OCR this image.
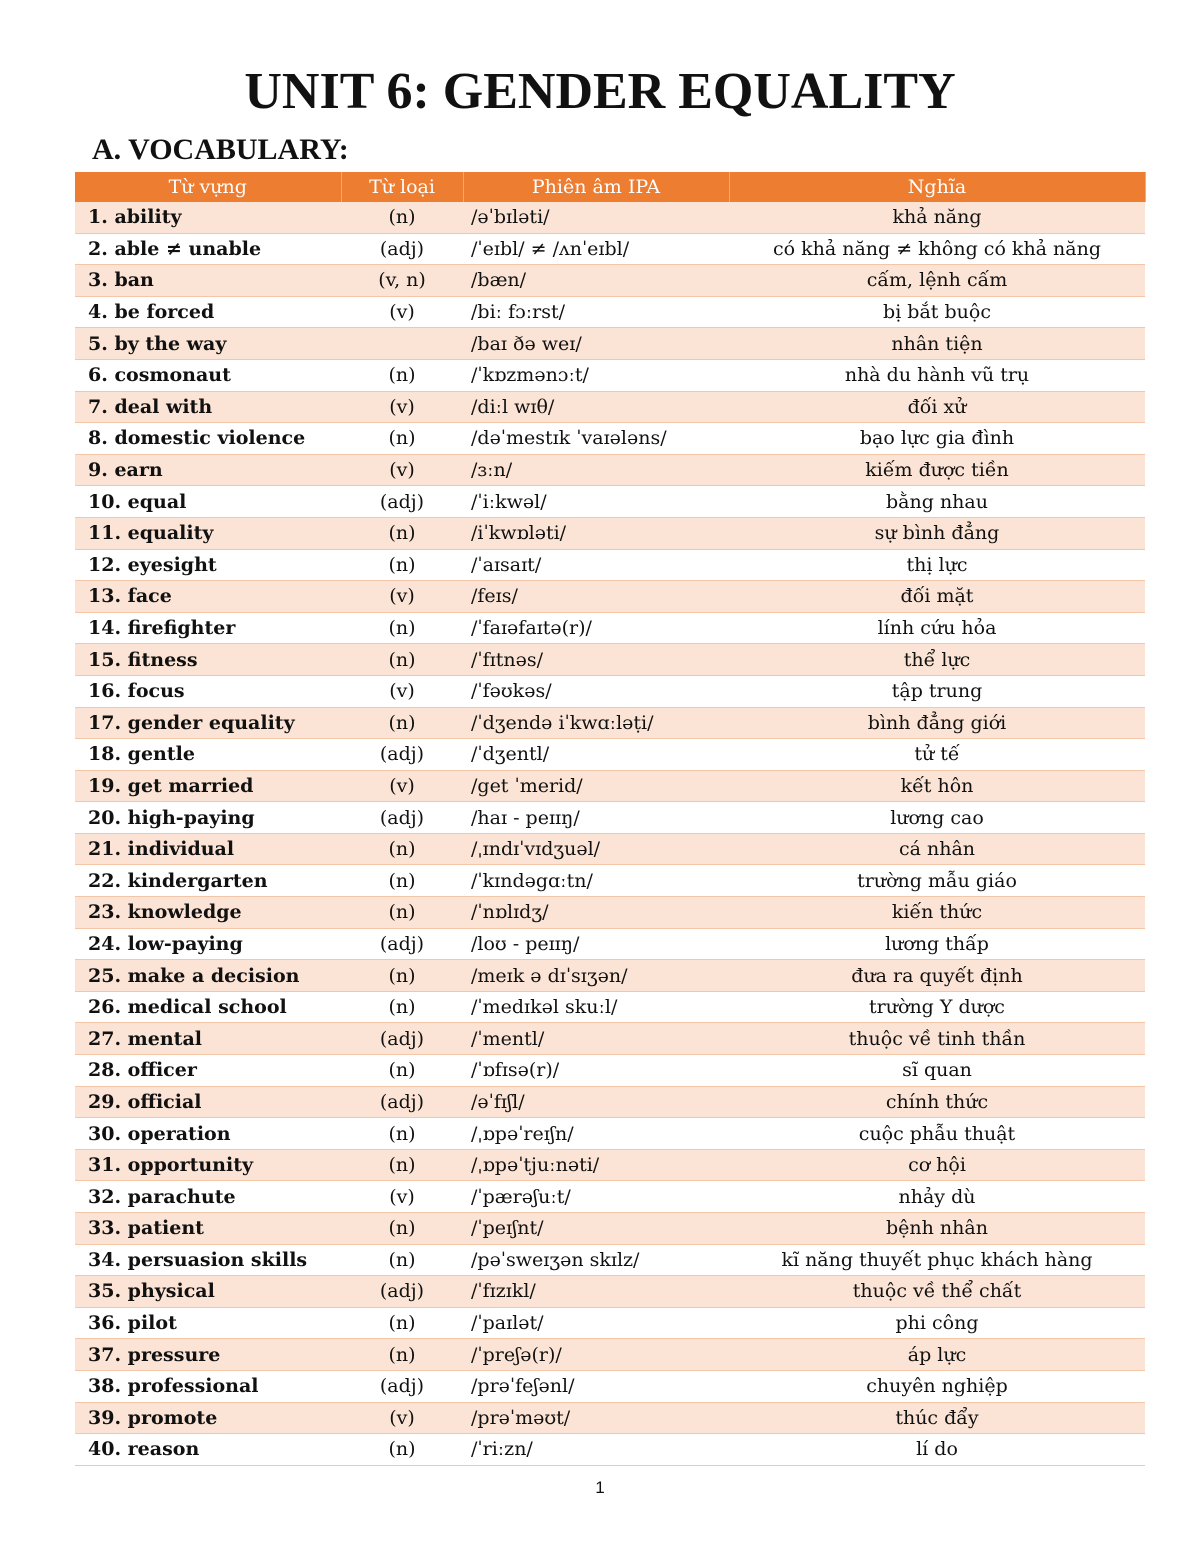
UNIT 6: GENDER EQUALITY
A. VOCABULARY:
Từ vựng	Từ loại	Phiên âm IPA	Nghĩa
1. ability	(n)	/əˈbɪləti/	khả năng
2. able ≠ unable	(adj)	/ˈeɪbl/ ≠ /ʌnˈeɪbl/	có khả năng ≠ không có khả năng
3. ban	(v, n)	/bæn/	cấm, lệnh cấm
4. be forced	(v)	/biː fɔːrst/	bị bắt buộc
5. by the way		/baɪ ðə weɪ/	nhân tiện
6. cosmonaut	(n)	/ˈkɒzmənɔːt/	nhà du hành vũ trụ
7. deal with	(v)	/diːl wɪθ/	đối xử
8. domestic violence	(n)	/dəˈmestɪk ˈvaɪələns/	bạo lực gia đình
9. earn	(v)	/ɜːn/	kiếm được tiền
10. equal	(adj)	/ˈiːkwəl/	bằng nhau
11. equality	(n)	/iˈkwɒləti/	sự bình đẳng
12. eyesight	(n)	/ˈaɪsaɪt/	thị lực
13. face	(v)	/feɪs/	đối mặt
14. firefighter	(n)	/ˈfaɪəfaɪtə(r)/	lính cứu hỏa
15. fitness	(n)	/ˈfɪtnəs/	thể lực
16. focus	(v)	/ˈfəʊkəs/	tập trung
17. gender equality	(n)	/ˈdʒendə iˈkwɑːləṭi/	bình đẳng giới
18. gentle	(adj)	/ˈdʒentl/	tử tế
19. get married	(v)	/get ˈmerid/	kết hôn
20. high-paying	(adj)	/haɪ - peɪɪŋ/	lương cao
21. individual	(n)	/ˌɪndɪˈvɪdʒuəl/	cá nhân
22. kindergarten	(n)	/ˈkɪndəgɑːtn/	trường mẫu giáo
23. knowledge	(n)	/ˈnɒlɪdʒ/	kiến thức
24. low-paying	(adj)	/loʊ - peɪɪŋ/	lương thấp
25. make a decision	(n)	/meɪk ə dɪˈsɪʒən/	đưa ra quyết định
26. medical school	(n)	/ˈmedɪkəl skuːl/	trường Y dược
27. mental	(adj)	/ˈmentl/	thuộc về tinh thần
28. officer	(n)	/ˈɒfɪsə(r)/	sĩ quan
29. official	(adj)	/əˈfɪʃl/	chính thức
30. operation	(n)	/ˌɒpəˈreɪʃn/	cuộc phẫu thuật
31. opportunity	(n)	/ˌɒpəˈtjuːnəti/	cơ hội
32. parachute	(v)	/ˈpærəʃuːt/	nhảy dù
33. patient	(n)	/ˈpeɪʃnt/	bệnh nhân
34. persuasion skills	(n)	/pəˈsweɪʒən skɪlz/	kĩ năng thuyết phục khách hàng
35. physical	(adj)	/ˈfɪzɪkl/	thuộc về thể chất
36. pilot	(n)	/ˈpaɪlət/	phi công
37. pressure	(n)	/ˈpreʃə(r)/	áp lực
38. professional	(adj)	/prəˈfeʃənl/	chuyên nghiệp
39. promote	(v)	/prəˈməʊt/	thúc đẩy
40. reason	(n)	/ˈriːzn/	lí do
1
